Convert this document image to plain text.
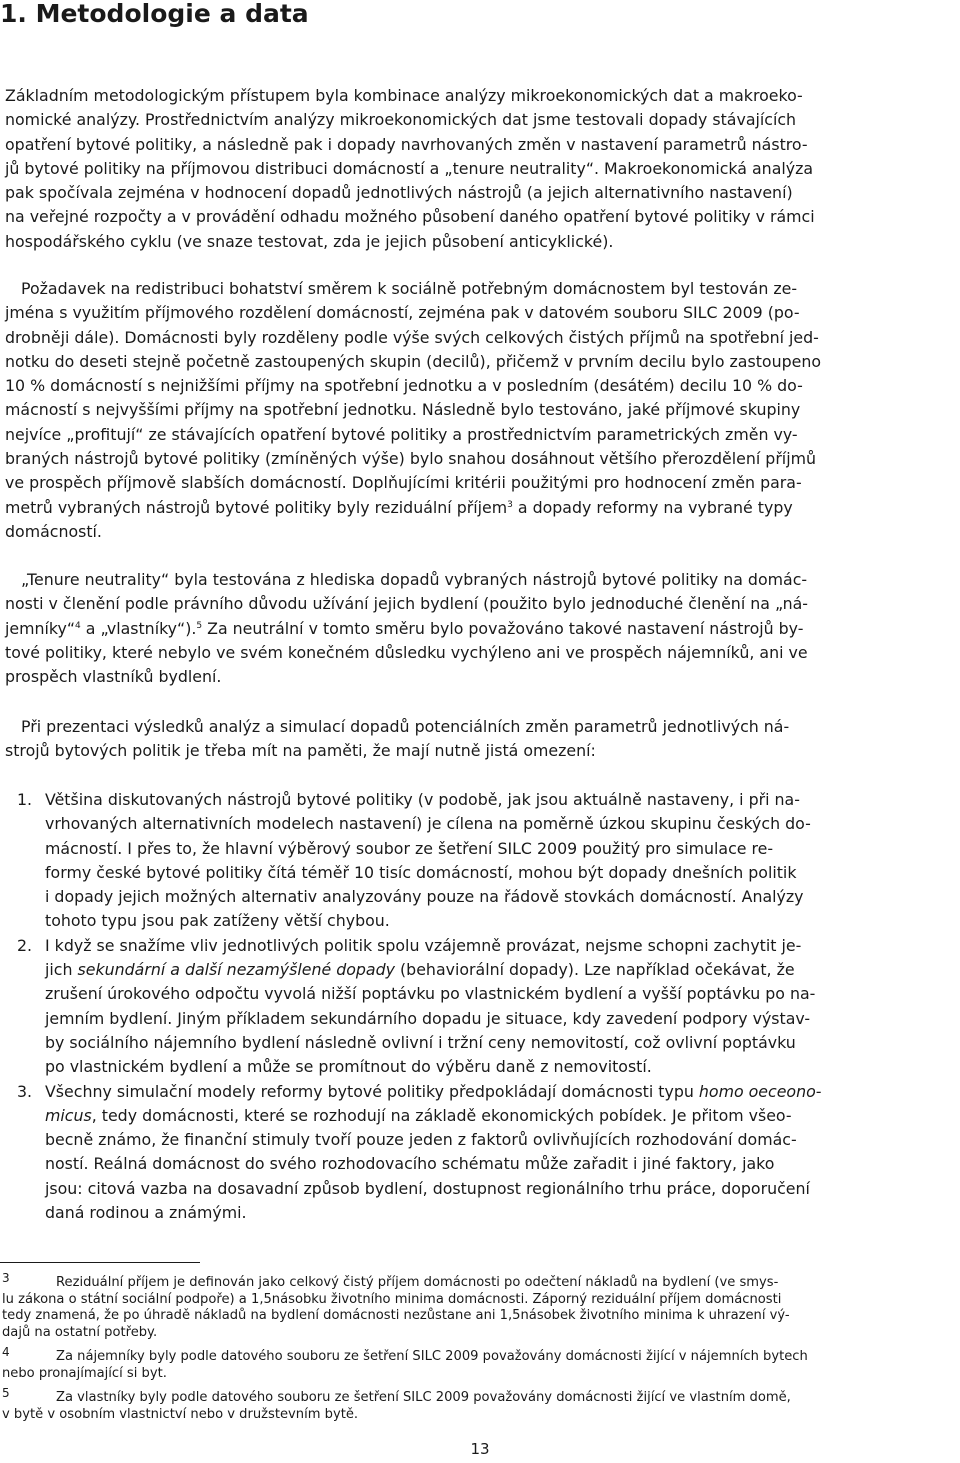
1. Metodologie a data

Základním metodologickým přístupem byla kombinace analýzy mikroekonomických dat a makroeko-

nomické analýzy. Prostřednictvím analýzy mikroekonomických dat jsme testovali dopady stávajících

opatření bytové politiky, a následně pak i dopady navrhovaných změn v nastavení parametrů nástro-

jů bytové politiky na příjmovou distribuci domácností a „tenure neutrality“. Makroekonomická analýza

pak spočívala zejména v hodnocení dopadů jednotlivých nástrojů (a jejich alternativního nastavení)

na veřejné rozpočty a v provádění odhadu možného působení daného opatření bytové politiky v rámci

hospodářského cyklu (ve snaze testovat, zda je jejich působení anticyklické).

Požadavek na redistribuci bohatství směrem k sociálně potřebným domácnostem byl testován ze-

jména s využitím příjmového rozdělení domácností, zejména pak v datovém souboru SILC 2009 (po-

drobněji dále). Domácnosti byly rozděleny podle výše svých celkových čistých příjmů na spotřební jed-

notku do deseti stejně početně zastoupených skupin (decilů), přičemž v prvním decilu bylo zastoupeno

10 % domácností s nejnižšími příjmy na spotřební jednotku a v posledním (desátém) decilu 10 % do-

mácností s nejvyššími příjmy na spotřební jednotku. Následně bylo testováno, jaké příjmové skupiny

nejvíce „profitují“ ze stávajících opatření bytové politiky a prostřednictvím parametrických změn vy-

braných nástrojů bytové politiky (zmíněných výše) bylo snahou dosáhnout většího přerozdělení příjmů

ve prospěch příjmově slabších domácností. Doplňujícími kritérii použitými pro hodnocení změn para-

metrů vybraných nástrojů bytové politiky byly reziduální příjem$^3$ a dopady reformy na vybrané typy

domácností.

„Tenure neutrality“ byla testována z hlediska dopadů vybraných nástrojů bytové politiky na domác-

nosti v členění podle právního důvodu užívání jejich bydlení (použito bylo jednoduché členění na „ná-

jemníky“$^4$ a „vlastníky“).$^5$ Za neutrální v tomto směru bylo považováno takové nastavení nástrojů by-

tové politiky, které nebylo ve svém konečném důsledku vychýleno ani ve prospěch nájemníků, ani ve

prospěch vlastníků bydlení.

Při prezentaci výsledků analýz a simulací dopadů potenciálních změn parametrů jednotlivých ná-

strojů bytových politik je třeba mít na paměti, že mají nutně jistá omezení:

1. Většina diskutovaných nástrojů bytové politiky (v podobě, jak jsou aktuálně nastaveny, i při na-
vrhovaných alternativních modelech nastavení) je cílena na poměrně úzkou skupinu českých do-
mácností. I přes to, že hlavní výběrový soubor ze šetření SILC 2009 použitý pro simulace re-
formy české bytové politiky čítá téměř 10 tisíc domácností, mohou být dopady dnešních politik
i dopady jejich možných alternativ analyzovány pouze na řádově stovkách domácností. Analýzy
tohoto typu jsou pak zatíženy větší chybou.
2. I když se snažíme vliv jednotlivých politik spolu vzájemně provázat, nejsme schopni zachytit je-
jich sekundární a další nezamýšlené dopady (behaviorální dopady). Lze například očekávat, že
zrušení úrokového odpočtu vyvolá nižší poptávku po vlastnickém bydlení a vyšší poptávku po na-
jemním bydlení. Jiným příkladem sekundárního dopadu je situace, kdy zavedení podpory výstav-
by sociálního nájemního bydlení následně ovlivní i tržní ceny nemovitostí, což ovlivní poptávku
po vlastnickém bydlení a může se promítnout do výběru daně z nemovitostí.
3. Všechny simulační modely reformy bytové politiky předpokládají domácnosti typu homo oeceono-
micus, tedy domácnosti, které se rozhodují na základě ekonomických pobídek. Je přitom všeo-
becně známo, že finanční stimuly tvoří pouze jeden z faktorů ovlivňujících rozhodování domác-
ností. Reálná domácnost do svého rozhodovacího schématu může zařadit i jiné faktory, jako
jsou: citová vazba na dosavadní způsob bydlení, dostupnost regionálního trhu práce, doporučení
daná rodinou a známými.
3	Reziduální příjem je definován jako celkový čistý příjem domácnosti po odečtení nákladů na bydlení (ve smys-
lu zákona o státní sociální podpoře) a 1,5násobku životního minima domácnosti. Záporný reziduální příjem domácnosti
tedy znamená, že po úhradě nákladů na bydlení domácnosti nezůstane ani 1,5násobek životního minima k uhrazení vý-
dajů na ostatní potřeby.
4	Za nájemníky byly podle datového souboru ze šetření SILC 2009 považovány domácnosti žijící v nájemních bytech
nebo pronajímající si byt.
5	Za vlastníky byly podle datového souboru ze šetření SILC 2009 považovány domácnosti žijící ve vlastním domě,
v bytě v osobním vlastnictví nebo v družstevním bytě.
13
